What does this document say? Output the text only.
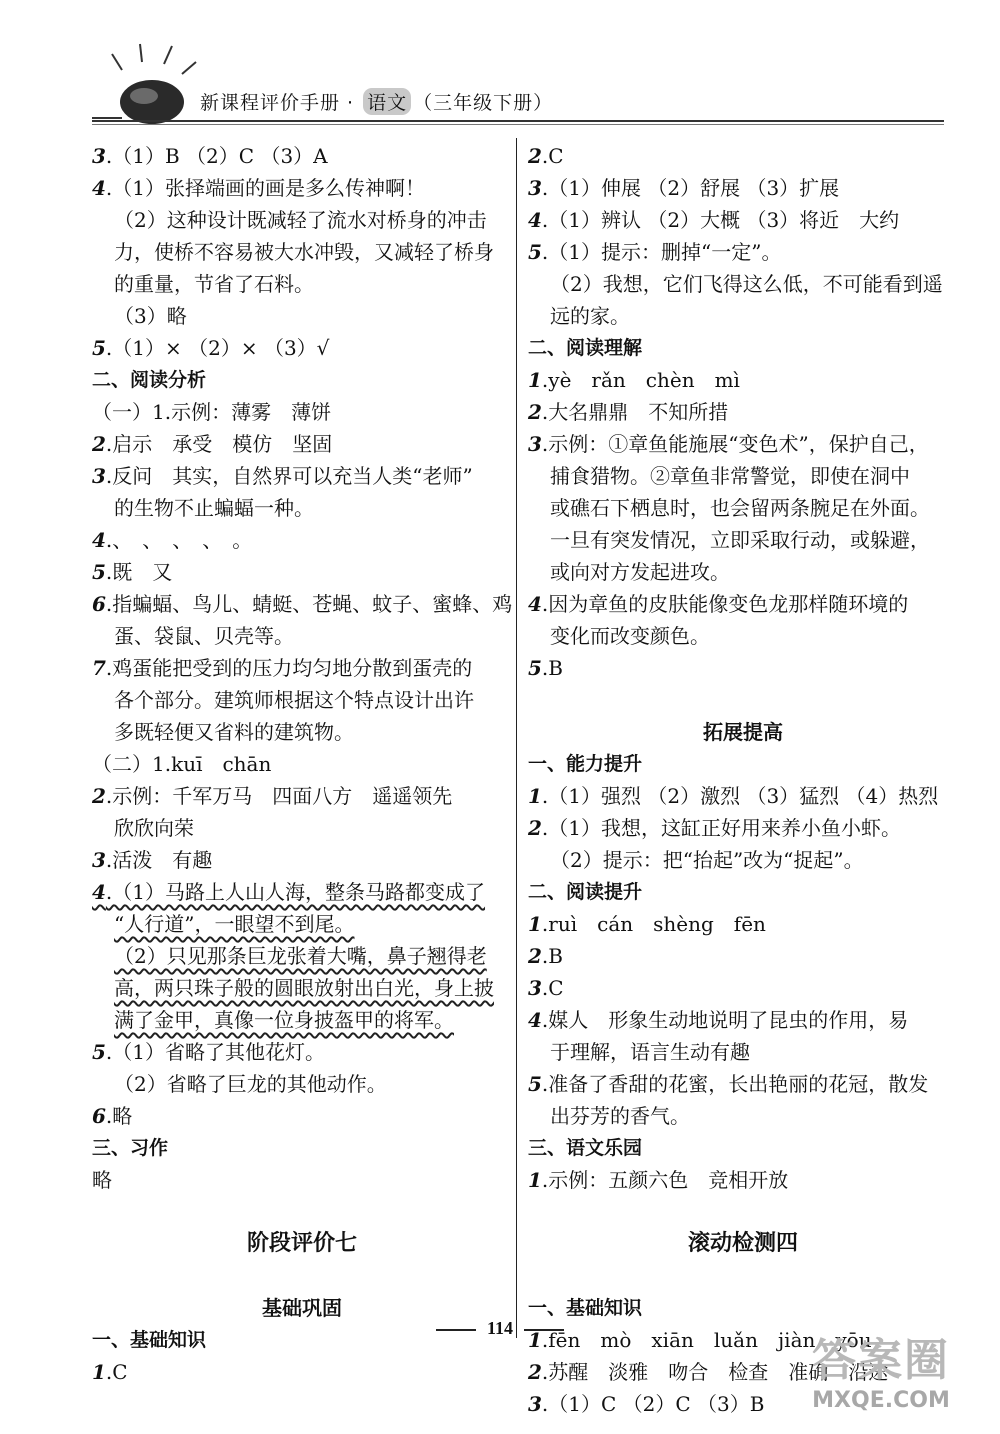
新课程评价手册 · 语文 （三年级下册）
3.（1）B （2）C （3）A
4.（1）张择端画的画是多么传神啊！
（2）这种设计既减轻了流水对桥身的冲击
力，使桥不容易被大水冲毁，又减轻了桥身
的重量，节省了石料。
（3）略
5.（1）× （2）× （3）√
二、阅读分析
（一）1.示例：薄雾　薄饼
2.启示　承受　模仿　坚固
3.反问　其实，自然界可以充当人类“老师”
的生物不止蝙蝠一种。
4.、　、　、　、　。
5.既　又
6.指蝙蝠、鸟儿、蜻蜓、苍蝇、蚊子、蜜蜂、鸡
蛋、袋鼠、贝壳等。
7.鸡蛋能把受到的压力均匀地分散到蛋壳的
各个部分。建筑师根据这个特点设计出许
多既轻便又省料的建筑物。
（二）1.kuī　chān
2.示例：千军万马　四面八方　遥遥领先
欣欣向荣
3.活泼　有趣
4.（1）马路上人山人海，整条马路都变成了
“人行道”，一眼望不到尾。
（2）只见那条巨龙张着大嘴，鼻子翘得老
高，两只珠子般的圆眼放射出白光，身上披
满了金甲，真像一位身披盔甲的将军。
5.（1）省略了其他花灯。
（2）省略了巨龙的其他动作。
6.略
三、习作
略
阶段评价七
基础巩固
一、基础知识
1.C
2.C
3.（1）伸展 （2）舒展 （3）扩展
4.（1）辨认 （2）大概 （3）将近　大约
5.（1）提示：删掉“一定”。
（2）我想，它们飞得这么低，不可能看到遥
远的家。
二、阅读理解
1.yè　rǎn　chèn　mì
2.大名鼎鼎　不知所措
3.示例：①章鱼能施展“变色术”，保护自己，
捕食猎物。②章鱼非常警觉，即使在洞中
或礁石下栖息时，也会留两条腕足在外面。
一旦有突发情况，立即采取行动，或躲避，
或向对方发起进攻。
4.因为章鱼的皮肤能像变色龙那样随环境的
变化而改变颜色。
5.B
拓展提高
一、能力提升
1.（1）强烈 （2）激烈 （3）猛烈 （4）热烈
2.（1）我想，这缸正好用来养小鱼小虾。
（2）提示：把“抬起”改为“捉起”。
二、阅读提升
1.ruì　cán　shèng　fēn
2.B
3.C
4.媒人　形象生动地说明了昆虫的作用，易
于理解，语言生动有趣
5.准备了香甜的花蜜，长出艳丽的花冠，散发
出芬芳的香气。
三、语文乐园
1.示例：五颜六色　竞相开放
滚动检测四
一、基础知识
1.fēn　mò　xiān　luǎn　jiàn　yōu
2.苏醒　淡雅　吻合　检查　准确　沿途
3.（1）C （2）C （3）B
114
答案圈
MXQE.COM
